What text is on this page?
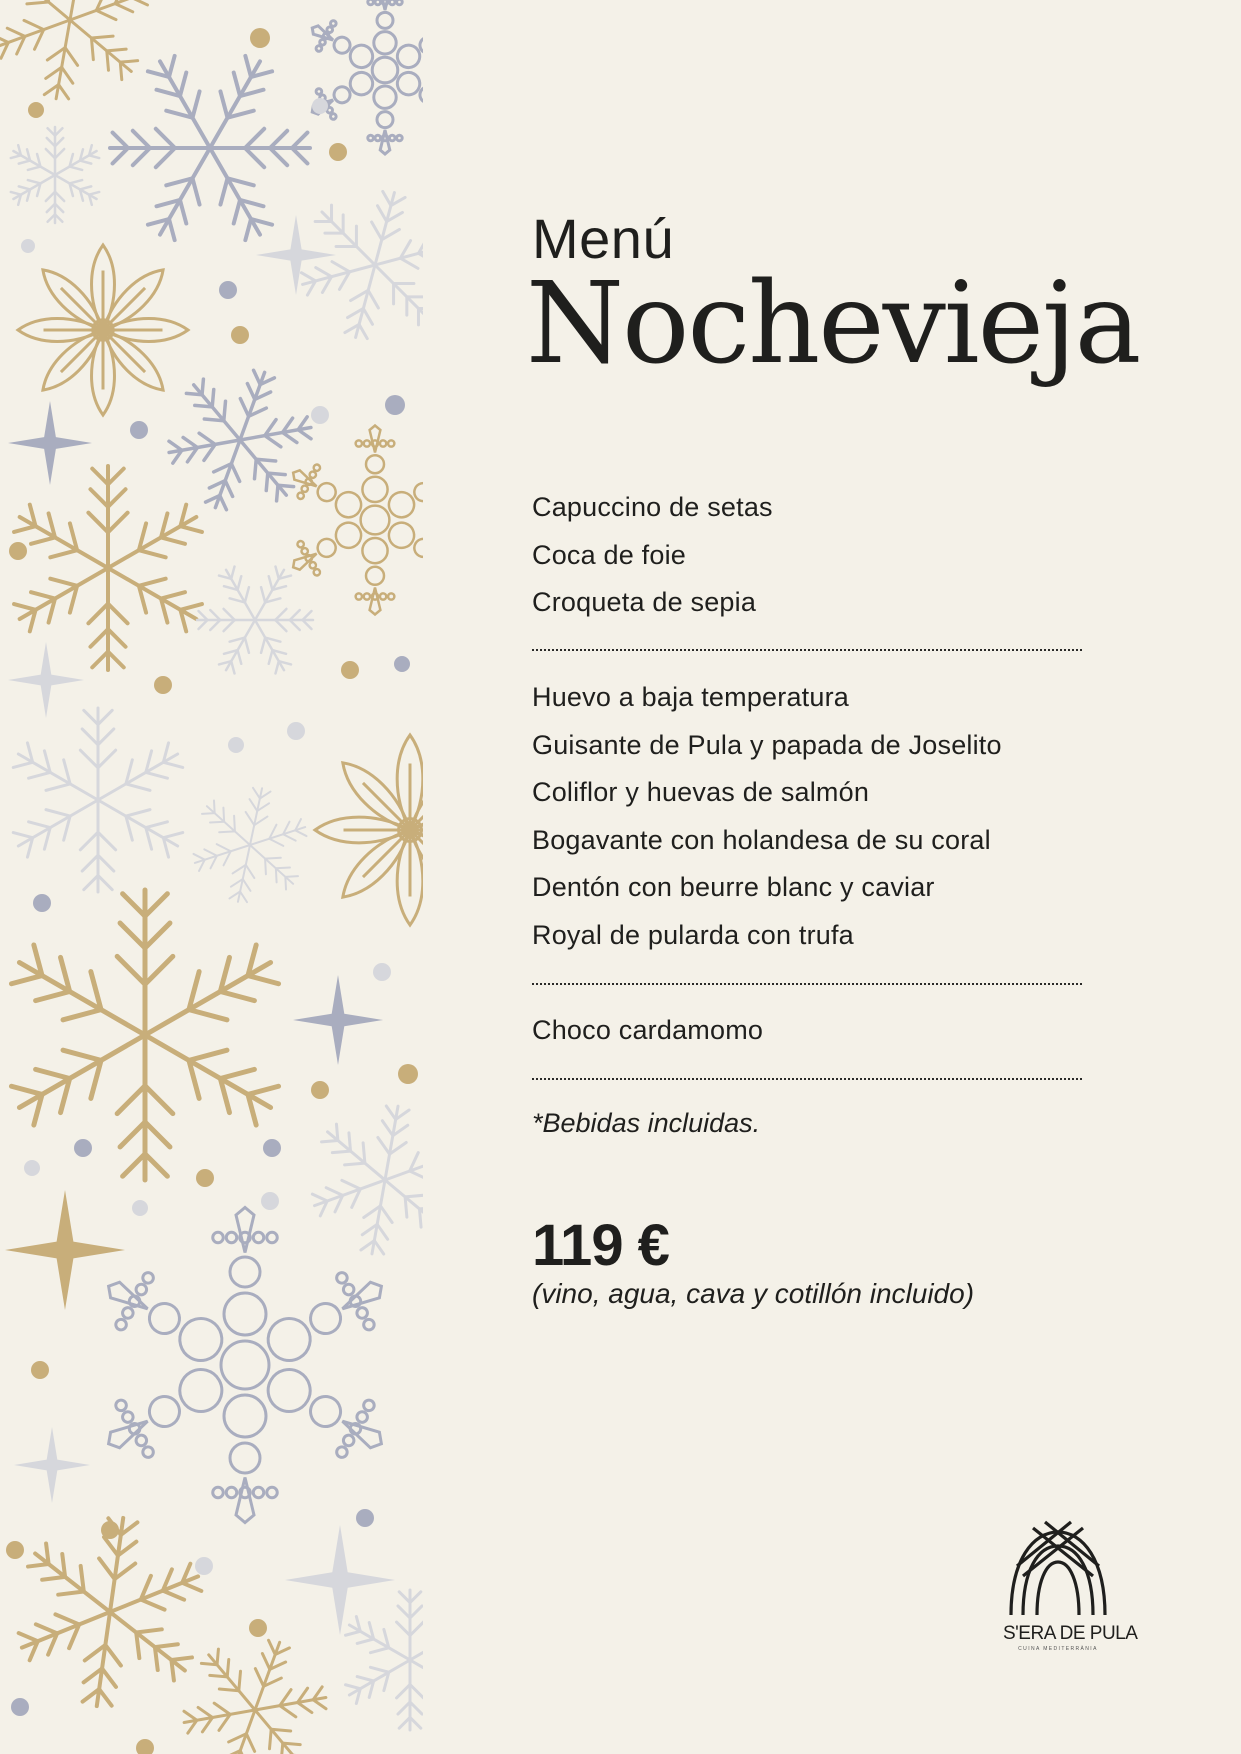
Menú
Nochevieja
Capuccino de setas
Coca de foie
Croqueta de sepia
Huevo a baja temperatura
Guisante de Pula y papada de Joselito
Coliflor y huevas de salmón
Bogavante con holandesa de su coral
Dentón con beurre blanc y caviar
Royal de pularda con trufa
Choco cardamomo
*Bebidas incluidas.
119 €
(vino, agua, cava y cotillón incluido)
S'ERA DE PULA
CUINA MEDITERRÀNIA
